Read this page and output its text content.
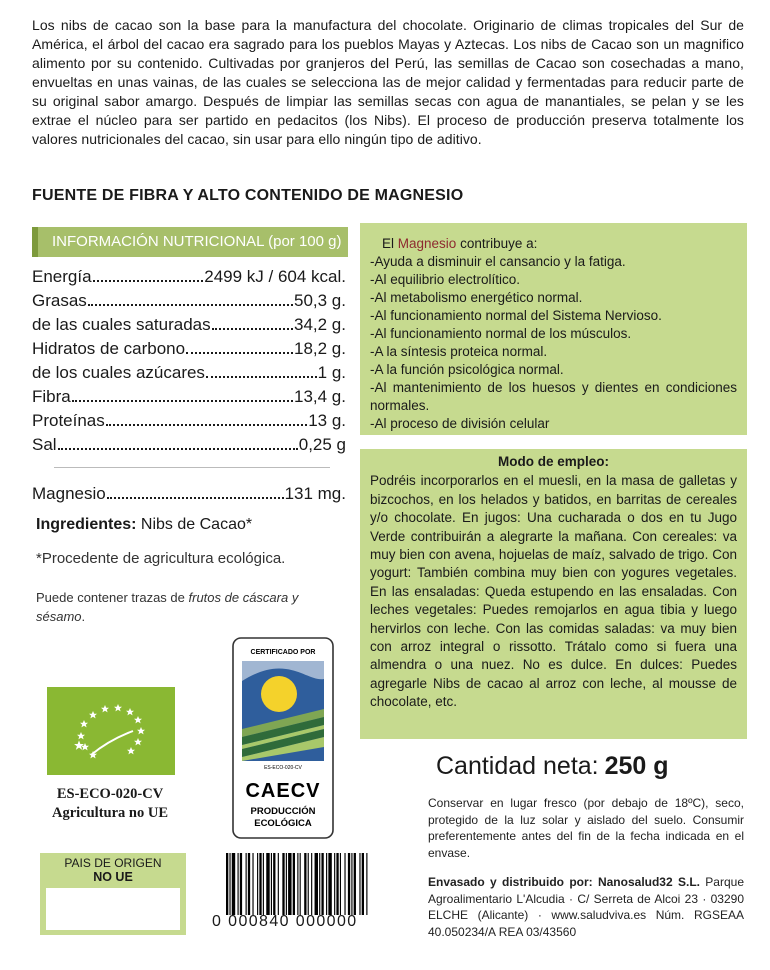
Los nibs de cacao son la base para la manufactura del chocolate. Originario de climas tropicales del Sur de América, el árbol del cacao era sagrado para los pueblos Mayas y Aztecas. Los nibs de Cacao son un magnifico alimento por su contenido. Cultivadas por granjeros del Perú, las semillas de Cacao son cosechadas a mano, envueltas en unas vainas, de las cuales se selecciona las de mejor calidad y fermentadas para reducir parte de su original sabor amargo. Después de limpiar las semillas secas con agua de manantiales, se pelan y se les extrae el núcleo para ser partido en pedacitos (los Nibs). El proceso de producción preserva totalmente los valores nutricionales del cacao, sin usar para ello ningún tipo de aditivo.

FUENTE DE FIBRA Y ALTO CONTENIDO DE MAGNESIO
INFORMACIÓN NUTRICIONAL (por 100 g)
Energía	2499 kJ / 604 kcal.
Grasas	50,3 g.
de las cuales saturadas	34,2 g.
Hidratos de carbono	18,2 g.
de los cuales azúcares	1 g.
Fibra	13,4 g.
Proteínas	13 g.
Sal	0,25 g
Magnesio	131 mg.
Ingredientes: Nibs de Cacao*

*Procedente de agricultura ecológica.

Puede contener trazas de frutos de cáscara y sésamo.

El Magnesio contribuye a:
-Ayuda a disminuir el cansancio y la fatiga.
-Al equilibrio electrolítico.
-Al metabolismo energético normal.
-Al funcionamiento normal del Sistema Nervioso.
-Al funcionamiento normal de los músculos.
-A la síntesis proteica normal.
-A la función psicológica normal.
-Al mantenimiento de los huesos y dientes en condiciones normales.
-Al proceso de división celular
Modo de empleo:
Podréis incorporarlos en el muesli, en la masa de galletas y bizcochos, en los helados y batidos, en barritas de cereales y/o chocolate. En jugos: Una cucharada o dos en tu Jugo Verde contribuirán a alegrarte la mañana. Con cereales: va muy bien con avena, hojuelas de maíz, salvado de trigo. Con yogurt: También combina muy bien con yogures vegetales. En las ensaladas: Queda estupendo en las ensaladas. Con leches vegetales: Puedes remojarlos en agua tibia y luego hervirlos con leche. Con las comidas saladas: va muy bien con arroz integral o rissotto. Trátalo como si fuera una almendra o una nuez. No es dulce. En dulces: Puedes agregarle Nibs de cacao al arroz con leche, al mousse de chocolate, etc.
Cantidad neta: 250 g

Conservar en lugar fresco (por debajo de 18ºC), seco, protegido de la luz solar y aislado del suelo. Consumir preferentemente antes del fin de la fecha indicada en el envase.

Envasado y distribuido por: Nanosalud32 S.L. Parque Agroalimentario L'Alcudia · C/ Serreta de Alcoi 23 · 03290 ELCHE (Alicante) · www.saludviva.es Núm. RGSEAA 40.050234/A REA 03/43560

ES-ECO-020-CV
Agricultura no UE
PAIS DE ORIGEN
NO UE
CERTIFICADO POR
ES-ECO-020-CV
CAECV
PRODUCCIÓN
ECOLÓGICA
0 000840 000000
